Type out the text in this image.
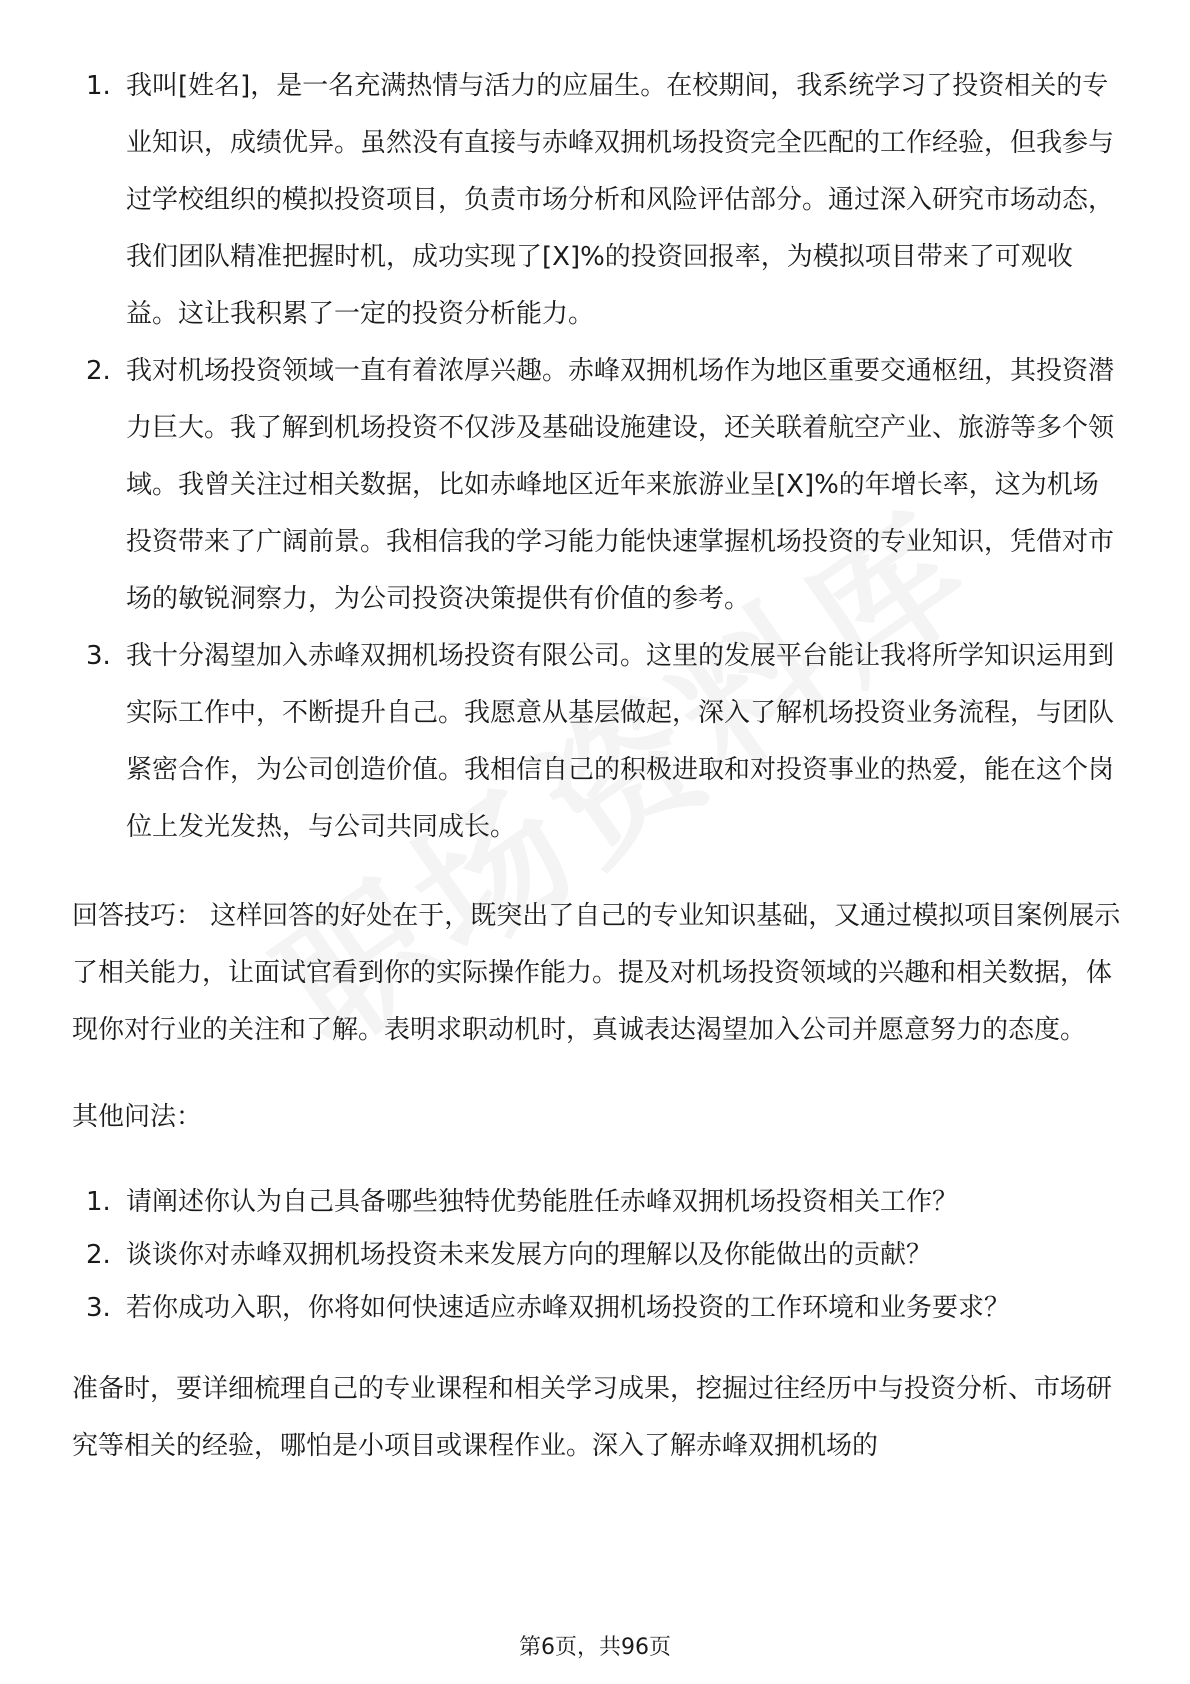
1. 我叫[姓名]，是一名充满热情与活力的应届生。在校期间，我系统学习了投资相关的专业知识，成绩优异。虽然没有直接与赤峰双拥机场投资完全匹配的工作经验，但我参与过学校组织的模拟投资项目，负责市场分析和风险评估部分。通过深入研究市场动态，我们团队精准把握时机，成功实现了[X]%的投资回报率，为模拟项目带来了可观收益。这让我积累了一定的投资分析能力。
2. 我对机场投资领域一直有着浓厚兴趣。赤峰双拥机场作为地区重要交通枢纽，其投资潜力巨大。我了解到机场投资不仅涉及基础设施建设，还关联着航空产业、旅游等多个领域。我曾关注过相关数据，比如赤峰地区近年来旅游业呈[X]%的年增长率，这为机场投资带来了广阔前景。我相信我的学习能力能快速掌握机场投资的专业知识，凭借对市场的敏锐洞察力，为公司投资决策提供有价值的参考。
3. 我十分渴望加入赤峰双拥机场投资有限公司。这里的发展平台能让我将所学知识运用到实际工作中，不断提升自己。我愿意从基层做起，深入了解机场投资业务流程，与团队紧密合作，为公司创造价值。我相信自己的积极进取和对投资事业的热爱，能在这个岗位上发光发热，与公司共同成长。

回答技巧： 这样回答的好处在于，既突出了自己的专业知识基础，又通过模拟项目案例展示了相关能力，让面试官看到你的实际操作能力。提及对机场投资领域的兴趣和相关数据，体现你对行业的关注和了解。表明求职动机时，真诚表达渴望加入公司并愿意努力的态度。

其他问法：

1. 请阐述你认为自己具备哪些独特优势能胜任赤峰双拥机场投资相关工作？
2. 谈谈你对赤峰双拥机场投资未来发展方向的理解以及你能做出的贡献？
3. 若你成功入职，你将如何快速适应赤峰双拥机场投资的工作环境和业务要求？

准备时，要详细梳理自己的专业课程和相关学习成果，挖掘过往经历中与投资分析、市场研究等相关的经验，哪怕是小项目或课程作业。深入了解赤峰双拥机场的

第6页，共96页
